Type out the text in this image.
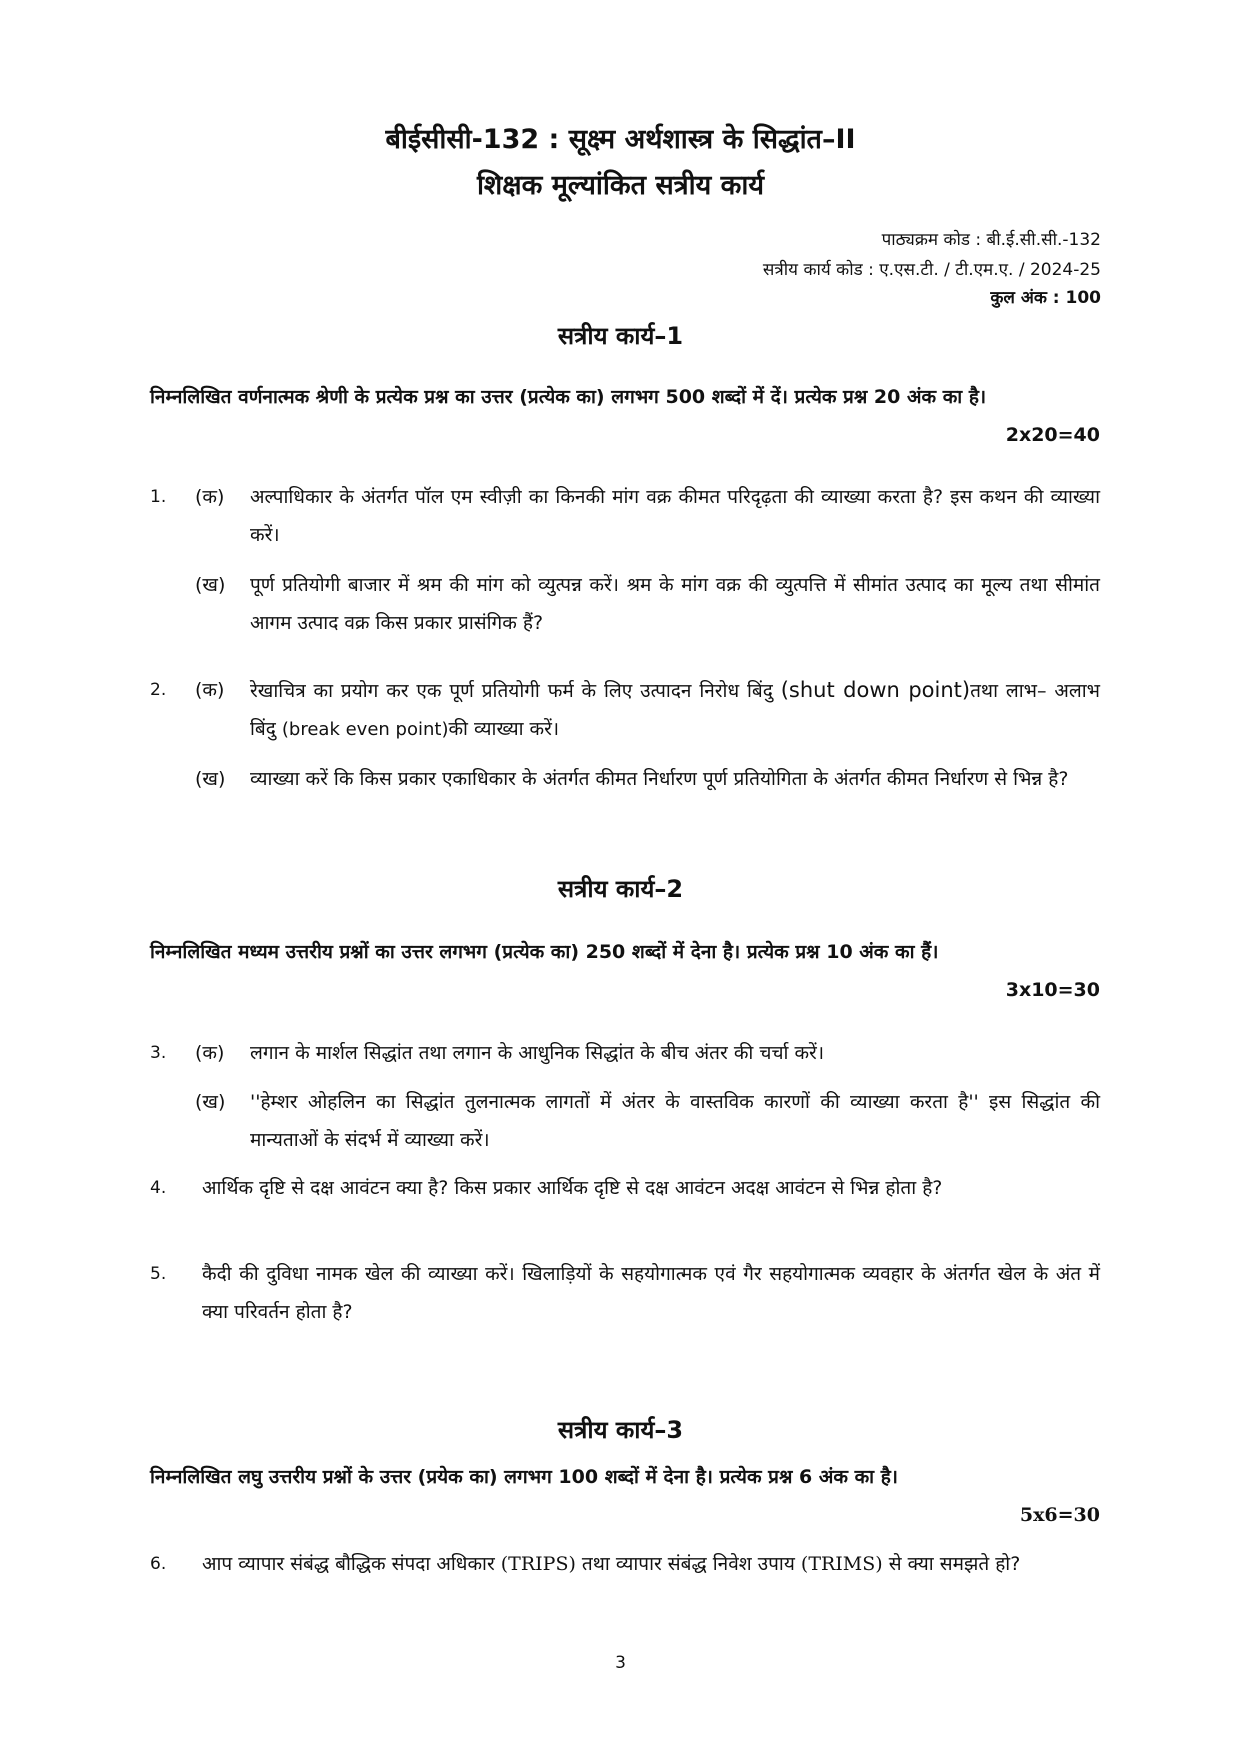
बीईसीसी-132 : सूक्ष्म अर्थशास्त्र के सिद्धांत–II
शिक्षक मूल्यांकित सत्रीय कार्य
पाठ्यक्रम कोड : बी.ई.सी.सी.-132
सत्रीय कार्य कोड : ए.एस.टी. / टी.एम.ए. / 2024-25
कुल अंक : 100
सत्रीय कार्य–1
निम्नलिखित वर्णनात्मक श्रेणी के प्रत्येक प्रश्न का उत्तर (प्रत्येक का) लगभग 500 शब्दों में दें। प्रत्येक प्रश्न 20 अंक का है।
2x20=40
1.	(क)	अल्पाधिकार के अंतर्गत पॉल एम स्वीज़ी का किनकी मांग वक्र कीमत परिदृढ़ता की व्याख्या करता है? इस कथन की व्याख्या करें।
(ख)	पूर्ण प्रतियोगी बाजार में श्रम की मांग को व्युत्पन्न करें। श्रम के मांग वक्र की व्युत्पत्ति में सीमांत उत्पाद का मूल्य तथा सीमांत आगम उत्पाद वक्र किस प्रकार प्रासंगिक हैं?
2.	(क)	रेखाचित्र का प्रयोग कर एक पूर्ण प्रतियोगी फर्म के लिए उत्पादन निरोध बिंदु (shut down point)तथा लाभ– अलाभ बिंदु (break even point)की व्याख्या करें।
(ख)	व्याख्या करें कि किस प्रकार एकाधिकार के अंतर्गत कीमत निर्धारण पूर्ण प्रतियोगिता के अंतर्गत कीमत निर्धारण से भिन्न है?
सत्रीय कार्य–2
निम्नलिखित मध्यम उत्तरीय प्रश्नों का उत्तर लगभग (प्रत्येक का) 250 शब्दों में देना है। प्रत्येक प्रश्न 10 अंक का हैं।
3x10=30
3.	(क)	लगान के मार्शल सिद्धांत तथा लगान के आधुनिक सिद्धांत के बीच अंतर की चर्चा करें।
(ख)	''हेम्शर ओहलिन का सिद्धांत तुलनात्मक लागतों में अंतर के वास्तविक कारणों की व्याख्या करता है'' इस सिद्धांत की मान्यताओं के संदर्भ में व्याख्या करें।
4.	आर्थिक दृष्टि से दक्ष आवंटन क्या है? किस प्रकार आर्थिक दृष्टि से दक्ष आवंटन अदक्ष आवंटन से भिन्न होता है?
5.	कैदी की दुविधा नामक खेल की व्याख्या करें। खिलाड़ियों के सहयोगात्मक एवं गैर सहयोगात्मक व्यवहार के अंतर्गत खेल के अंत में क्या परिवर्तन होता है?
सत्रीय कार्य–3
निम्नलिखित लघु उत्तरीय प्रश्नों के उत्तर (प्रयेक का) लगभग 100 शब्दों में देना है। प्रत्येक प्रश्न 6 अंक का है।
5x6=30
6.	आप व्यापार संबंद्ध बौद्धिक संपदा अधिकार (TRIPS) तथा व्यापार संबंद्ध निवेश उपाय (TRIMS) से क्या समझते हो?
3
